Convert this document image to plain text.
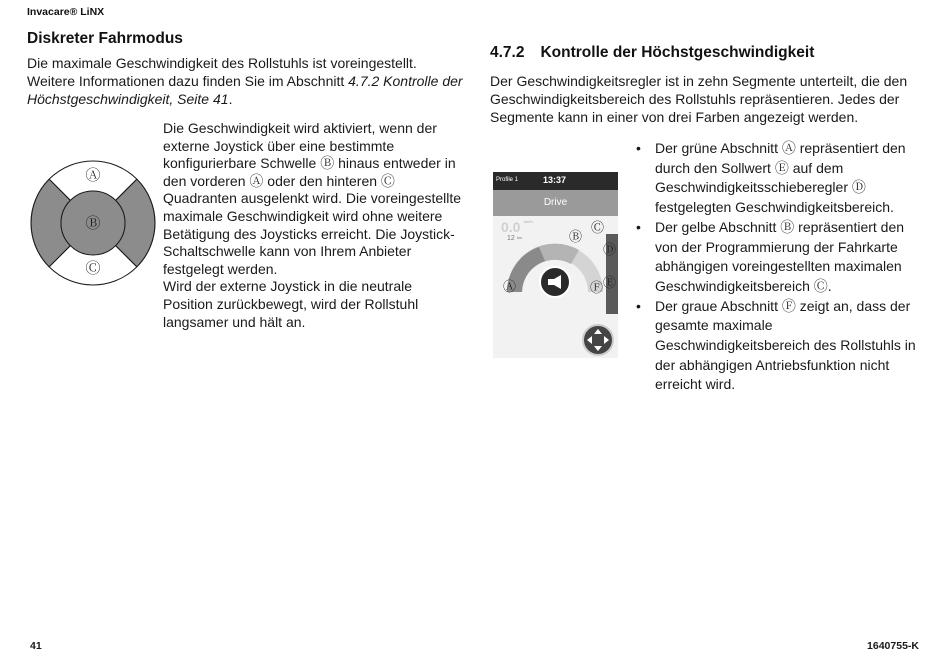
Invacare® LiNX
Diskreter Fahrmodus

Die maximale Geschwindigkeit des Rollstuhls ist voreingestellt. Weitere Informationen dazu finden Sie im Abschnitt 4.7.2 Kontrolle der Höchstgeschwindigkeit, Seite 41.

Ⓐ
Ⓑ
Ⓒ

Die Geschwindigkeit wird aktiviert, wenn der externe Joystick über eine bestimmte konfigurierbare Schwelle Ⓑ hinaus entweder in den vorderen Ⓐ oder den hinteren Ⓒ Quadranten ausgelenkt wird. Die voreingestellte maximale Geschwindigkeit wird ohne weitere Betätigung des Joysticks erreicht. Die Joystick-Schaltschwelle kann von Ihrem Anbieter festgelegt werden.

Wird der externe Joystick in die neutrale Position zurückbewegt, wird der Rollstuhl langsamer und hält an.

4.7.2 Kontrolle der Höchstgeschwindigkeit

Der Geschwindigkeitsregler ist in zehn Segmente unterteilt, die den Geschwindigkeitsbereich des Rollstuhls repräsentieren. Jedes der Segmente kann in einer von drei Farben angezeigt werden.

0.0 km/h
12 km
Ⓐ
Ⓑ
Ⓒ
Ⓓ
Ⓔ
Ⓕ
Profile 1	13:37
Drive
• Der grüne Abschnitt Ⓐ repräsentiert den durch den Sollwert Ⓔ auf dem Geschwindigkeitsschieberegler Ⓓ festgelegten Geschwindigkeitsbereich.
• Der gelbe Abschnitt Ⓑ repräsentiert den von der Programmierung der Fahrkarte abhängigen voreingestellten maximalen Geschwindigkeitsbereich Ⓒ.
• Der graue Abschnitt Ⓕ zeigt an, dass der gesamte maximale Geschwindigkeitsbereich des Rollstuhls in der abhängigen Antriebsfunktion nicht erreicht wird.
41	1640755-K
